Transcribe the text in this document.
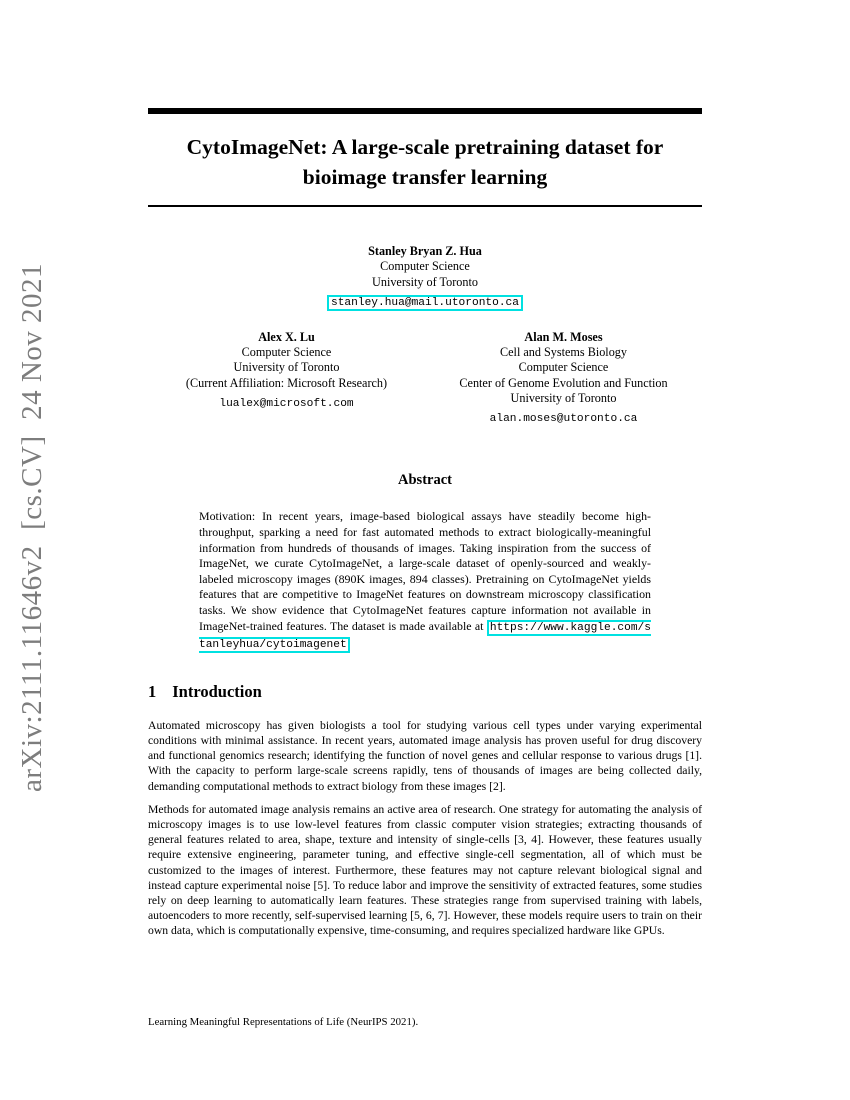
arXiv:2111.11646v2  [cs.CV]  24 Nov 2021
CytoImageNet: A large-scale pretraining dataset for bioimage transfer learning
Stanley Bryan Z. Hua
Computer Science
University of Toronto
stanley.hua@mail.utoronto.ca
Alex X. Lu
Computer Science
University of Toronto
(Current Affiliation: Microsoft Research)
lualex@microsoft.com
Alan M. Moses
Cell and Systems Biology
Computer Science
Center of Genome Evolution and Function
University of Toronto
alan.moses@utoronto.ca
Abstract

Motivation: In recent years, image-based biological assays have steadily become high-throughput, sparking a need for fast automated methods to extract biologically-meaningful information from hundreds of thousands of images. Taking inspiration from the success of ImageNet, we curate CytoImageNet, a large-scale dataset of openly-sourced and weakly-labeled microscopy images (890K images, 894 classes). Pretraining on CytoImageNet yields features that are competitive to ImageNet features on downstream microscopy classification tasks. We show evidence that CytoImageNet features capture information not available in ImageNet-trained features. The dataset is made available at https://www.kaggle.com/stanleyhua/cytoimagenet

1 Introduction

Automated microscopy has given biologists a tool for studying various cell types under varying experimental conditions with minimal assistance. In recent years, automated image analysis has proven useful for drug discovery and functional genomics research; identifying the function of novel genes and cellular response to various drugs [1]. With the capacity to perform large-scale screens rapidly, tens of thousands of images are being collected daily, demanding computational methods to extract biology from these images [2].

Methods for automated image analysis remains an active area of research. One strategy for automating the analysis of microscopy images is to use low-level features from classic computer vision strategies; extracting thousands of general features related to area, shape, texture and intensity of single-cells [3, 4]. However, these features usually require extensive engineering, parameter tuning, and effective single-cell segmentation, all of which must be customized to the images of interest. Furthermore, these features may not capture relevant biological signal and instead capture experimental noise [5]. To reduce labor and improve the sensitivity of extracted features, some studies rely on deep learning to automatically learn features. These strategies range from supervised training with labels, autoencoders to more recently, self-supervised learning [5, 6, 7]. However, these models require users to train on their own data, which is computationally expensive, time-consuming, and requires specialized hardware like GPUs.

Learning Meaningful Representations of Life (NeurIPS 2021).
